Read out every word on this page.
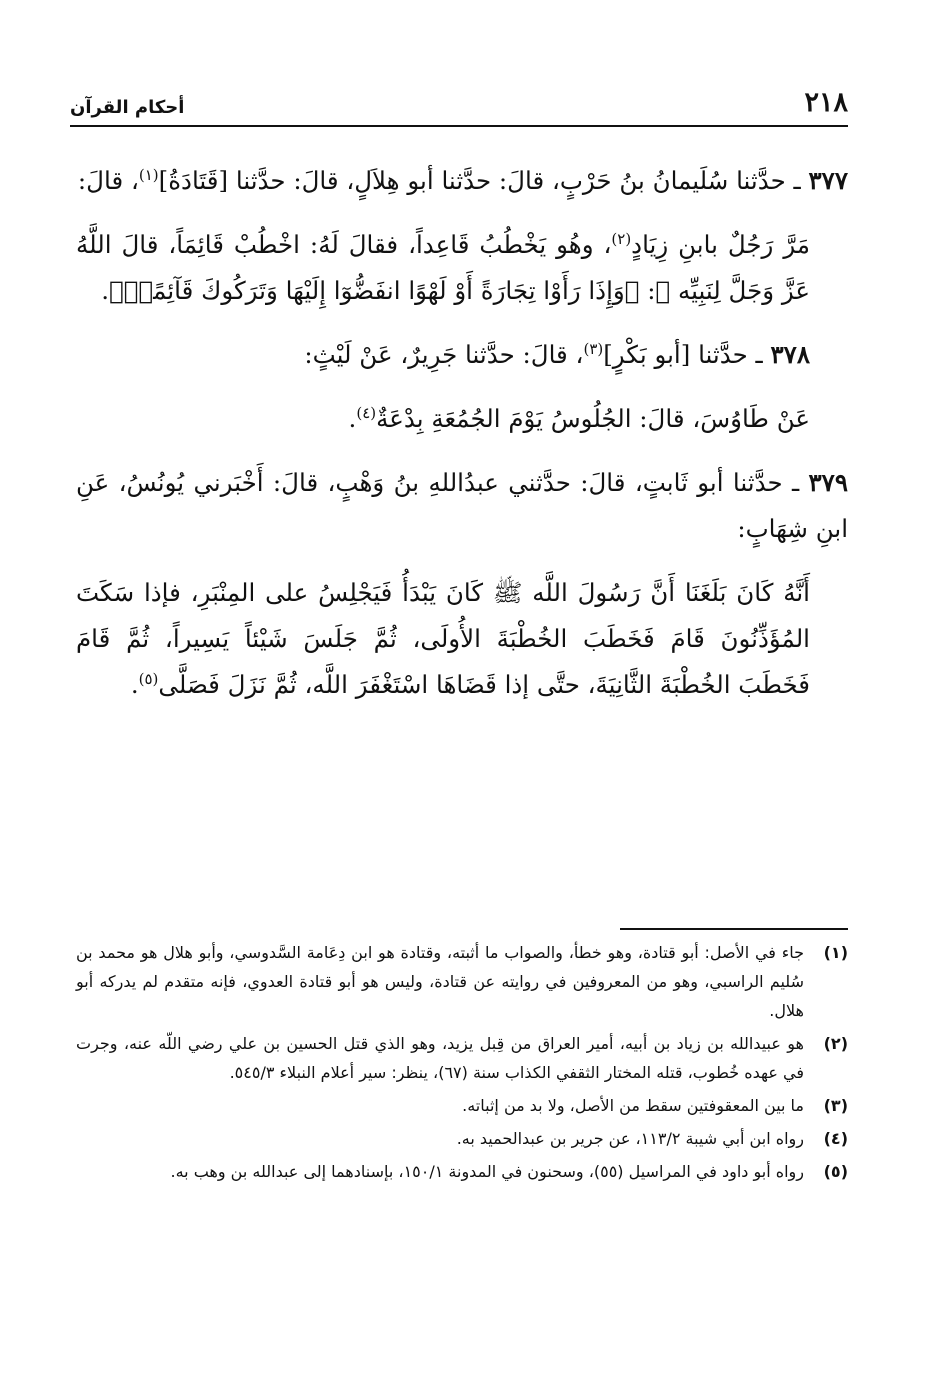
٢١٨
أحكام القرآن

٣٧٧ ـ حدَّثنا سُلَيمانُ بنُ حَرْبٍ، قالَ: حدَّثنا أبو هِلاَلٍ، قالَ: حدَّثنا [قَتَادَةُ]$^{(١)}$، قالَ:

مَرَّ رَجُلٌ بابنِ زِيَادٍ$^{(٢)}$، وهُو يَخْطُبُ قَاعِداً، فقالَ لَهُ: اخْطُبْ قَائِمَاً، قالَ اللَّهُ عَزَّ وَجَلَّ لِنَبِيِّه ﷺ: ﴿وَإِذَا رَأَوْا تِجَارَةً أَوْ لَهْوًا انفَضُّوٓا إِلَيْهَا وَتَرَكُوكَ قَآئِمًاۚ﴾.

٣٧٨ ـ حدَّثنا [أبو بَكْرٍ]$^{(٣)}$، قالَ: حدَّثنا جَرِيرٌ، عَنْ لَيْثٍ:

عَنْ طَاوُسَ، قالَ: الجُلُوسُ يَوْمَ الجُمُعَةِ بِدْعَةٌ$^{(٤)}$.

٣٧٩ ـ حدَّثنا أبو ثَابتٍ، قالَ: حدَّثني عبدُاللهِ بنُ وَهْبٍ، قالَ: أَخْبَرني يُونُسُ، عَنِ ابنِ شِهَابٍ:

أَنَّهُ كَانَ بَلَغَنَا أَنَّ رَسُولَ اللَّه ﷺ كَانَ يَبْدَأُ فَيَجْلِسُ على المِنْبَرِ، فإذا سَكَتَ المُؤَذِّنُونَ قَامَ فَخَطَبَ الخُطْبَةَ الأُولَى، ثُمَّ جَلَسَ شَيْئاً يَسِيراً، ثُمَّ قَامَ فَخَطَبَ الخُطْبَةَ الثَّانِيَةَ، حتَّى إذا قَضَاهَا اسْتَغْفَرَ اللَّه، ثُمَّ نَزَلَ فَصَلَّى$^{(٥)}$.

(١)
جاء في الأصل: أبو قتادة، وهو خطأ، والصواب ما أثبته، وقتادة هو ابن دِعَامة السَّدوسي، وأبو هلال هو محمد بن سُليم الراسبي، وهو من المعروفين في روايته عن قتادة، وليس هو أبو قتادة العدوي، فإنه متقدم لم يدركه أبو هلال.
(٢)
هو عبيدالله بن زياد بن أبيه، أمير العراق من قِبل يزيد، وهو الذي قتل الحسين بن علي رضي اللّه عنه، وجرت في عهده خُطوب، قتله المختار الثقفي الكذاب سنة (٦٧)، ينظر: سير أعلام النبلاء ٥٤٥/٣.
(٣)
ما بين المعقوفتين سقط من الأصل، ولا بد من إثباته.
(٤)
رواه ابن أبي شيبة ١١٣/٢، عن جرير بن عبدالحميد به.
(٥)
رواه أبو داود في المراسيل (٥٥)، وسحنون في المدونة ١٥٠/١، بإسنادهما إلى عبدالله بن وهب به.
